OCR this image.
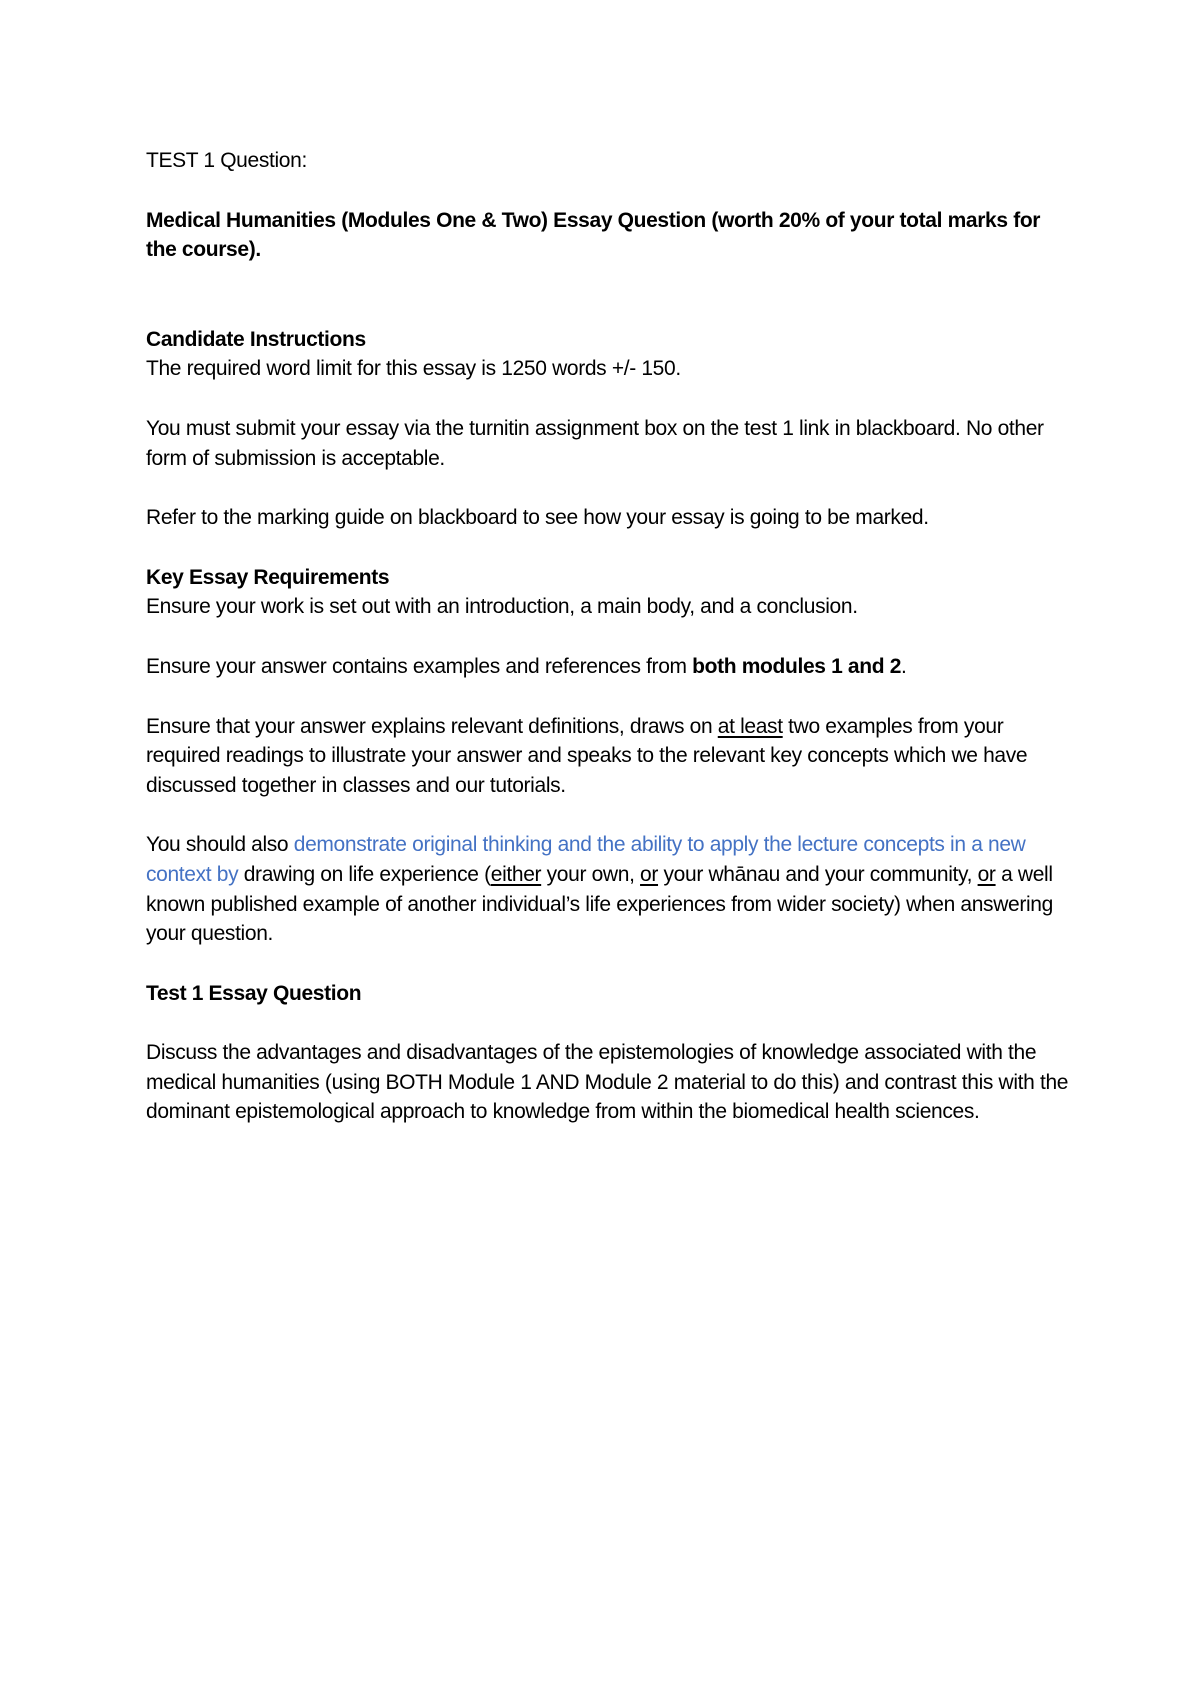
TEST 1 Question:

Medical Humanities (Modules One & Two) Essay Question (worth 20% of your total marks for the course).

Candidate Instructions

The required word limit for this essay is 1250 words +/- 150.

You must submit your essay via the turnitin assignment box on the test 1 link in blackboard. No other form of submission is acceptable.

Refer to the marking guide on blackboard to see how your essay is going to be marked.

Key Essay Requirements

Ensure your work is set out with an introduction, a main body, and a conclusion.

Ensure your answer contains examples and references from both modules 1 and 2.

Ensure that your answer explains relevant definitions, draws on at least two examples from your required readings to illustrate your answer and speaks to the relevant key concepts which we have discussed together in classes and our tutorials.

You should also demonstrate original thinking and the ability to apply the lecture concepts in a new context by drawing on life experience (either your own, or your whānau and your community, or a well known published example of another individual’s life experiences from wider society) when answering your question.

Test 1 Essay Question

Discuss the advantages and disadvantages of the epistemologies of knowledge associated with the medical humanities (using BOTH Module 1 AND Module 2 material to do this) and contrast this with the dominant epistemological approach to knowledge from within the biomedical health sciences.
